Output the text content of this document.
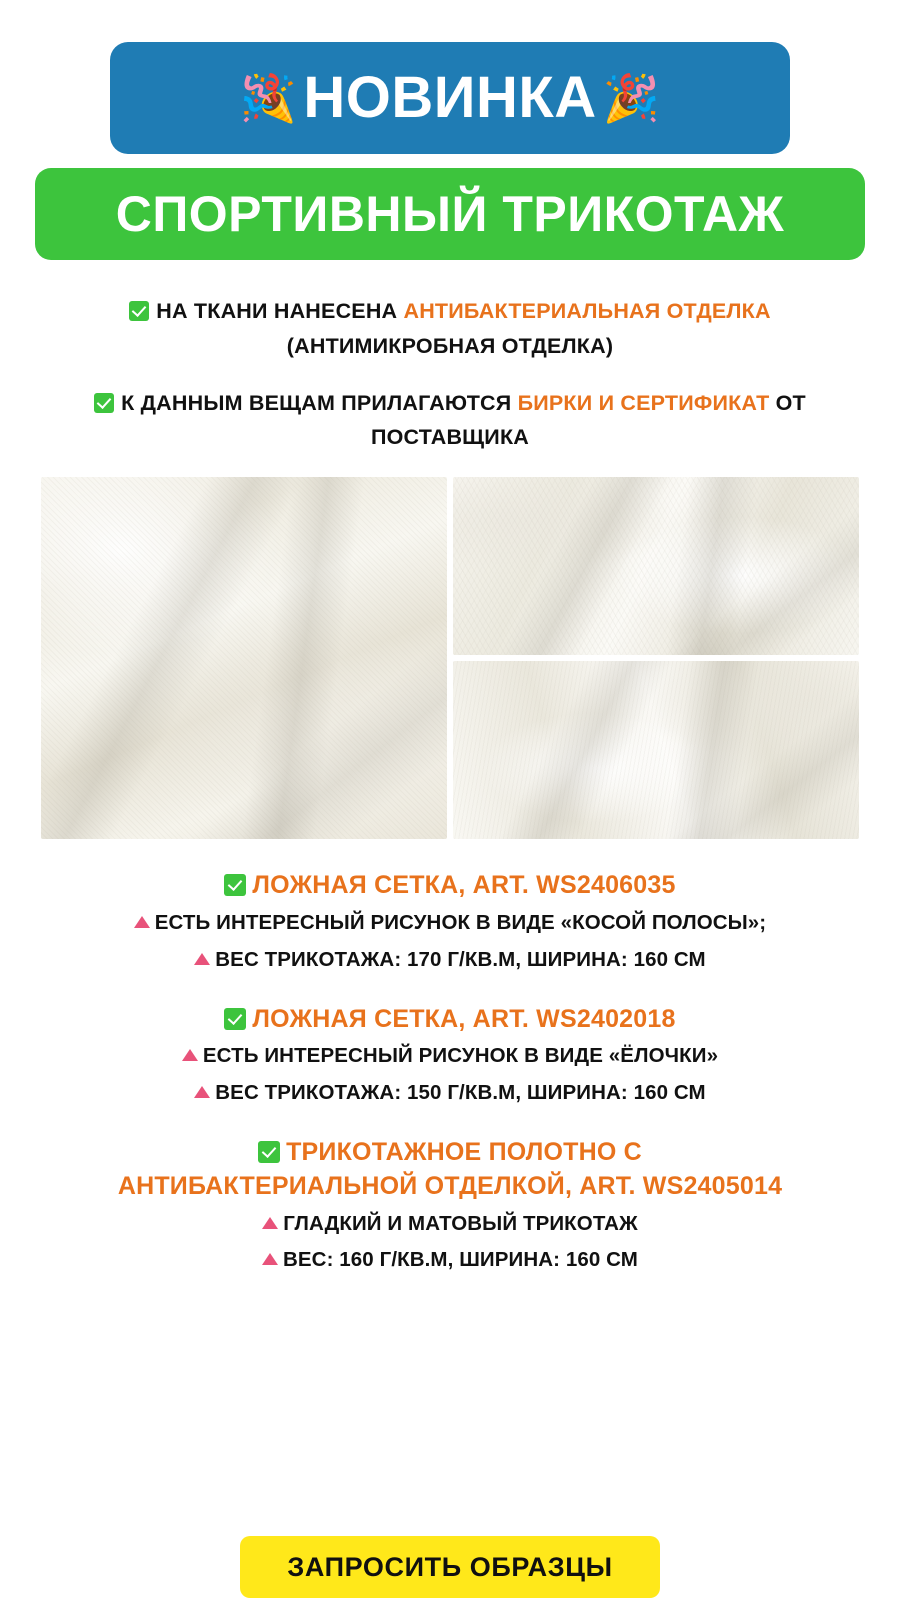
🎉 НОВИНКА 🎉
СПОРТИВНЫЙ ТРИКОТАЖ
НА ТКАНИ НАНЕСЕНА АНТИБАКТЕРИАЛЬНАЯ ОТДЕЛКА
(АНТИМИКРОБНАЯ ОТДЕЛКА)
К ДАННЫМ ВЕЩАМ ПРИЛАГАЮТСЯ БИРКИ И СЕРТИФИКАТ ОТ
ПОСТАВЩИКА
ЛОЖНАЯ СЕТКА, ART. WS2406035
ЕСТЬ ИНТЕРЕСНЫЙ РИСУНОК В ВИДЕ «КОСОЙ ПОЛОСЫ»;
ВЕС ТРИКОТАЖА: 170 Г/КВ.М, ШИРИНА: 160 СМ
ЛОЖНАЯ СЕТКА, ART. WS2402018
ЕСТЬ ИНТЕРЕСНЫЙ РИСУНОК В ВИДЕ «ЁЛОЧКИ»
ВЕС ТРИКОТАЖА: 150 Г/КВ.М, ШИРИНА: 160 СМ
ТРИКОТАЖНОЕ ПОЛОТНО С
АНТИБАКТЕРИАЛЬНОЙ ОТДЕЛКОЙ, ART. WS2405014
ГЛАДКИЙ И МАТОВЫЙ ТРИКОТАЖ
ВЕС: 160 Г/КВ.М, ШИРИНА: 160 СМ
ЗАПРОСИТЬ ОБРАЗЦЫ
